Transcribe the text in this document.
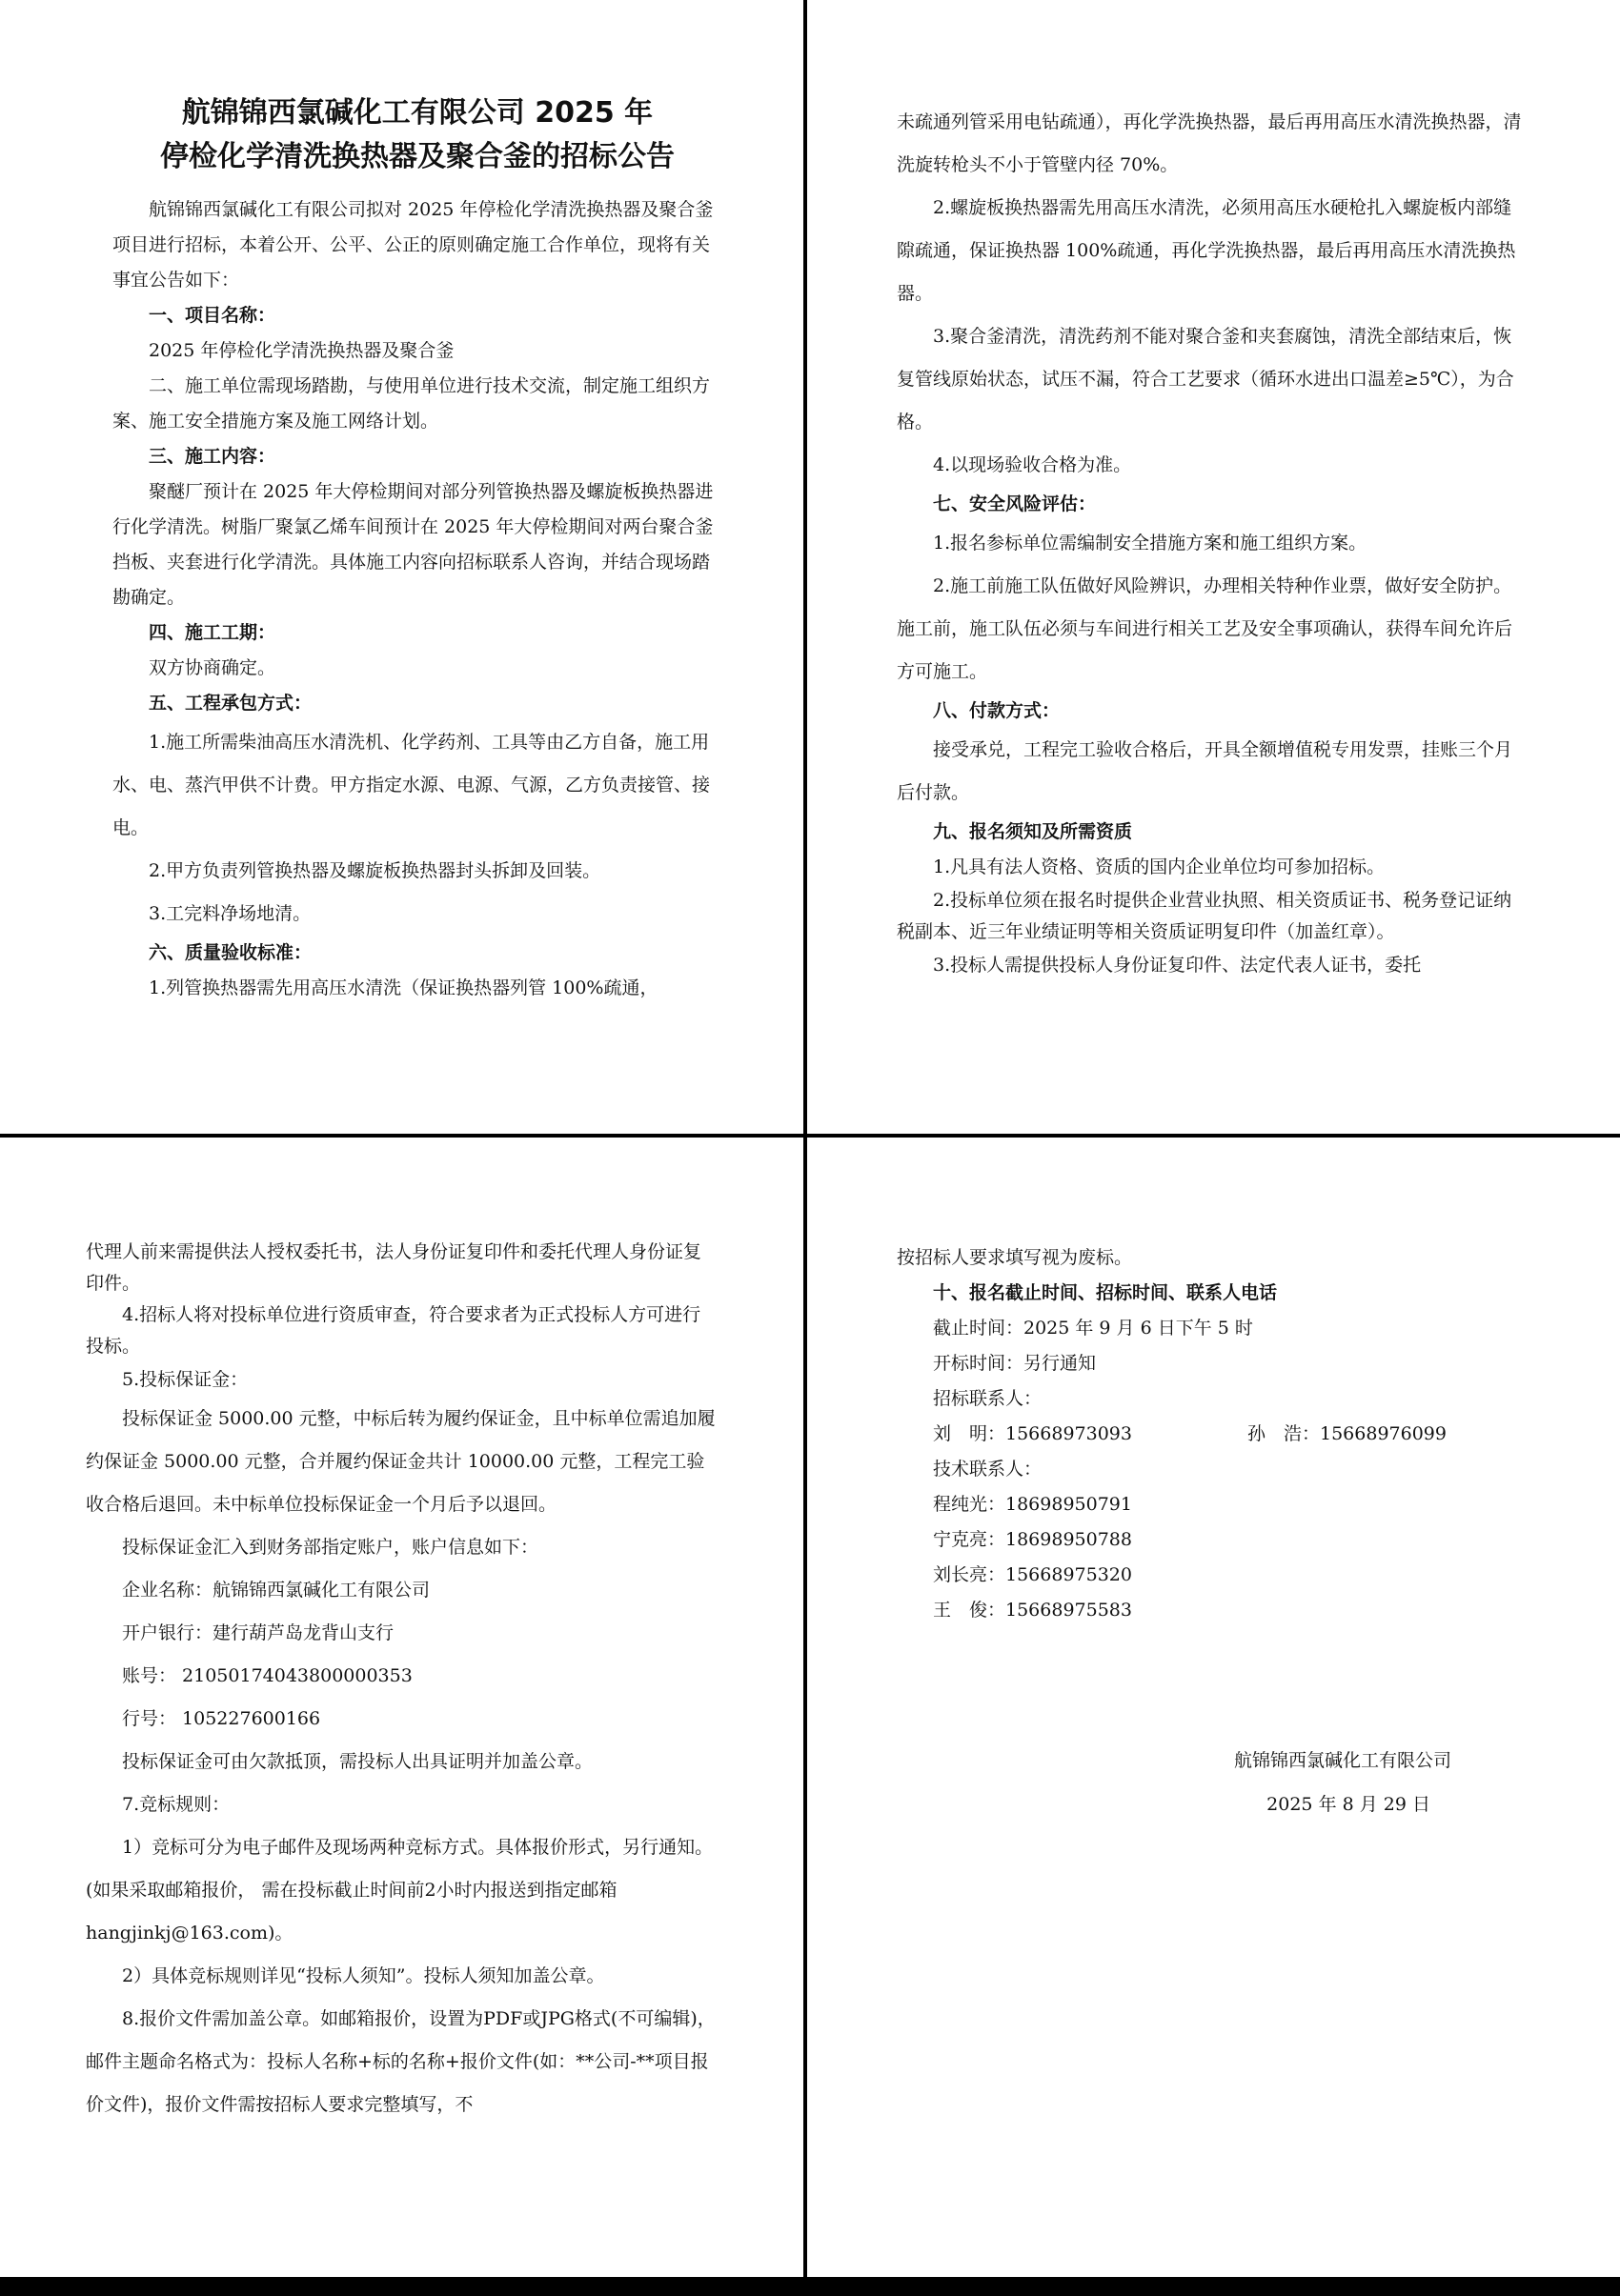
航锦锦西氯碱化工有限公司 2025 年
停检化学清洗换热器及聚合釜的招标公告

航锦锦西氯碱化工有限公司拟对 2025 年停检化学清洗换热器及聚合釜项目进行招标，本着公开、公平、公正的原则确定施工合作单位，现将有关事宜公告如下：

一、项目名称：

2025 年停检化学清洗换热器及聚合釜

二、施工单位需现场踏勘，与使用单位进行技术交流，制定施工组织方案、施工安全措施方案及施工网络计划。

三、施工内容：

聚醚厂预计在 2025 年大停检期间对部分列管换热器及螺旋板换热器进行化学清洗。树脂厂聚氯乙烯车间预计在 2025 年大停检期间对两台聚合釜挡板、夹套进行化学清洗。具体施工内容向招标联系人咨询，并结合现场踏勘确定。

四、施工工期：

双方协商确定。

五、工程承包方式：

1.施工所需柴油高压水清洗机、化学药剂、工具等由乙方自备，施工用水、电、蒸汽甲供不计费。甲方指定水源、电源、气源，乙方负责接管、接电。

2.甲方负责列管换热器及螺旋板换热器封头拆卸及回装。

3.工完料净场地清。

六、质量验收标准：

1.列管换热器需先用高压水清洗（保证换热器列管 100%疏通，

未疏通列管采用电钻疏通），再化学洗换热器，最后再用高压水清洗换热器，清洗旋转枪头不小于管壁内径 70%。

2.螺旋板换热器需先用高压水清洗，必须用高压水硬枪扎入螺旋板内部缝隙疏通，保证换热器 100%疏通，再化学洗换热器，最后再用高压水清洗换热器。

3.聚合釜清洗，清洗药剂不能对聚合釜和夹套腐蚀，清洗全部结束后，恢复管线原始状态，试压不漏，符合工艺要求（循环水进出口温差≥5℃），为合格。

4.以现场验收合格为准。

七、安全风险评估：

1.报名参标单位需编制安全措施方案和施工组织方案。

2.施工前施工队伍做好风险辨识，办理相关特种作业票，做好安全防护。施工前，施工队伍必须与车间进行相关工艺及安全事项确认，获得车间允许后方可施工。

八、付款方式：

接受承兑，工程完工验收合格后，开具全额增值税专用发票，挂账三个月后付款。

九、报名须知及所需资质

1.凡具有法人资格、资质的国内企业单位均可参加招标。

2.投标单位须在报名时提供企业营业执照、相关资质证书、税务登记证纳税副本、近三年业绩证明等相关资质证明复印件（加盖红章）。

3.投标人需提供投标人身份证复印件、法定代表人证书，委托

代理人前来需提供法人授权委托书，法人身份证复印件和委托代理人身份证复印件。

4.招标人将对投标单位进行资质审查，符合要求者为正式投标人方可进行投标。

5.投标保证金：

投标保证金 5000.00 元整，中标后转为履约保证金，且中标单位需追加履约保证金 5000.00 元整，合并履约保证金共计 10000.00 元整，工程完工验收合格后退回。未中标单位投标保证金一个月后予以退回。

投标保证金汇入到财务部指定账户，账户信息如下：

企业名称：航锦锦西氯碱化工有限公司

开户银行：建行葫芦岛龙背山支行

账号： 21050174043800000353

行号： 105227600166

投标保证金可由欠款抵顶，需投标人出具证明并加盖公章。

7.竞标规则：

1）竞标可分为电子邮件及现场两种竞标方式。具体报价形式，另行通知。(如果采取邮箱报价， 需在投标截止时间前2小时内报送到指定邮箱hangjinkj@163.com)。

2）具体竞标规则详见“投标人须知”。投标人须知加盖公章。

8.报价文件需加盖公章。如邮箱报价，设置为PDF或JPG格式(不可编辑)，邮件主题命名格式为：投标人名称+标的名称+报价文件(如：**公司-**项目报价文件)，报价文件需按招标人要求完整填写，不

按招标人要求填写视为废标。

十、报名截止时间、招标时间、联系人电话

截止时间：2025 年 9 月 6 日下午 5 时

开标时间：另行通知

招标联系人：

刘　明：15668973093	孙　浩：15668976099

技术联系人：

程纯光：18698950791

宁克亮：18698950788

刘长亮：15668975320

王　俊：15668975583

航锦锦西氯碱化工有限公司
2025 年 8 月 29 日
